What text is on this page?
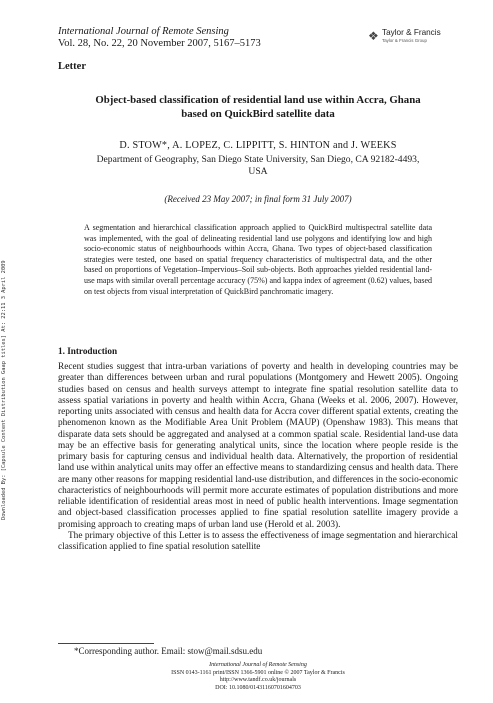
Downloaded By: [Capsule Content Distribution Gaap titles] At: 22:11 3 April 2009
International Journal of Remote Sensing
Vol. 28, No. 22, 20 November 2007, 5167–5173
❖ Taylor & Francis
Taylor & Francis Group
Letter
Object-based classification of residential land use within Accra, Ghana
based on QuickBird satellite data
D. STOW*, A. LOPEZ, C. LIPPITT, S. HINTON and J. WEEKS
Department of Geography, San Diego State University, San Diego, CA 92182-4493,
USA
(Received 23 May 2007; in final form 31 July 2007)
A segmentation and hierarchical classification approach applied to QuickBird multispectral satellite data was implemented, with the goal of delineating residential land use polygons and identifying low and high socio-economic status of neighbourhoods within Accra, Ghana. Two types of object-based classification strategies were tested, one based on spatial frequency characteristics of multispectral data, and the other based on proportions of Vegetation–Impervious–Soil sub-objects. Both approaches yielded residential land-use maps with similar overall percentage accuracy (75%) and kappa index of agreement (0.62) values, based on test objects from visual interpretation of QuickBird panchromatic imagery.
1. Introduction

Recent studies suggest that intra-urban variations of poverty and health in developing countries may be greater than differences between urban and rural populations (Montgomery and Hewett 2005). Ongoing studies based on census and health surveys attempt to integrate fine spatial resolution satellite data to assess spatial variations in poverty and health within Accra, Ghana (Weeks et al. 2006, 2007). However, reporting units associated with census and health data for Accra cover different spatial extents, creating the phenomenon known as the Modifiable Area Unit Problem (MAUP) (Openshaw 1983). This means that disparate data sets should be aggregated and analysed at a common spatial scale. Residential land-use data may be an effective basis for generating analytical units, since the location where people reside is the primary basis for capturing census and individual health data. Alternatively, the proportion of residential land use within analytical units may offer an effective means to standardizing census and health data. There are many other reasons for mapping residential land-use distribution, and differences in the socio-economic characteristics of neighbourhoods will permit more accurate estimates of population distributions and more reliable identification of residential areas most in need of public health interventions. Image segmentation and object-based classification processes applied to fine spatial resolution satellite imagery provide a promising approach to creating maps of urban land use (Herold et al. 2003).

The primary objective of this Letter is to assess the effectiveness of image segmentation and hierarchical classification applied to fine spatial resolution satellite

*Corresponding author. Email: stow@mail.sdsu.edu
International Journal of Remote Sensing
ISSN 0143-1161 print/ISSN 1366-5901 online © 2007 Taylor & Francis
http://www.tandf.co.uk/journals
DOI: 10.1080/01431160701604703
